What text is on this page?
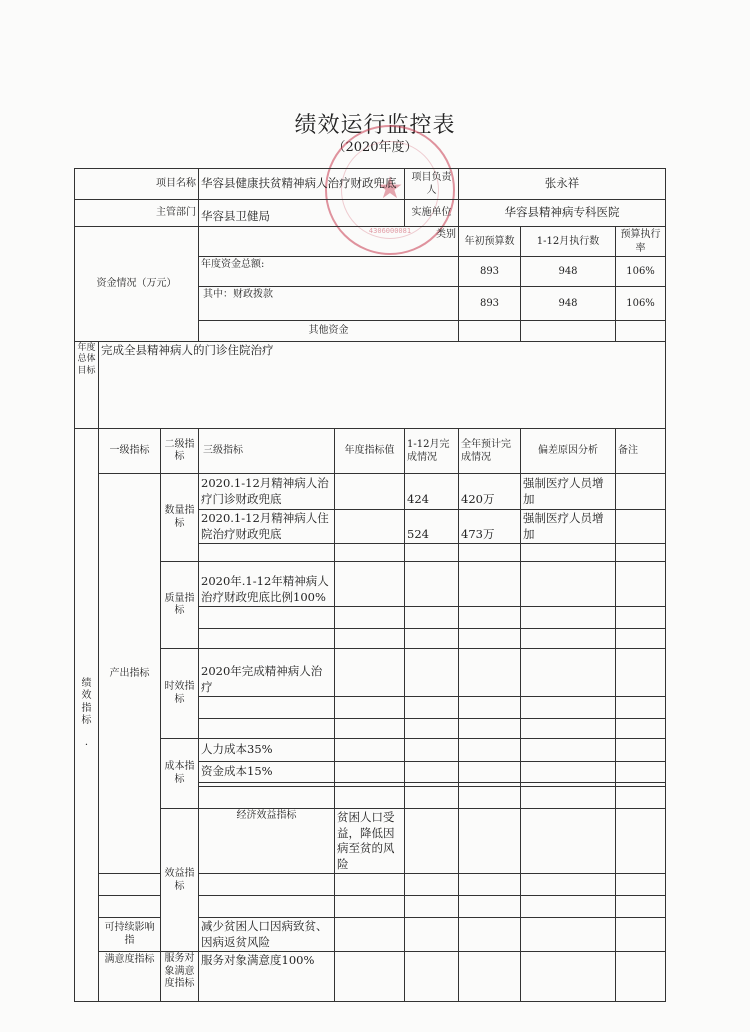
绩效运行监控表
（2020年度）
★
4306000081
项目名称			华容县健康扶贫精神病人治疗财政兜底		项目负责人	张永祥			
主管部门			华容县卫健局		实施单位	华容县精神病专科医院			
资金情况（万元）			类别			年初预算数	1-12月执行数	预算执行率	
			年度资金总额:			893	948	106%	
			其中：财政拨款			893	948	106%	
			其他资金						
年度总体目标	完成全县精神病人的门诊住院治疗								
绩效指标

·	一级指标	二级指标	三级指标	年度指标值	1-12月完成情况	全年预计完成情况	偏差原因分析	备注	
	产出指标	数量指标	2020.1-12月精神病人治疗门诊财政兜底		424	420万	强制医疗人员增加		
			2020.1-12月精神病人住院治疗财政兜底		524	473万	强制医疗人员增加		

		质量指标	2020年.1-12年精神病人治疗财政兜底比例100%						

		时效指标	2020年完成精神病人治疗						

		成本指标	人力成本35%						
			资金成本15%						

		效益指标	经济效益指标	贫困人口受益，降低因病至贫的风险					

	可持续影响指		减少贫困人口因病致贫、因病返贫风险						
	满意度指标	服务对象满意度指标	服务对象满意度100%						
